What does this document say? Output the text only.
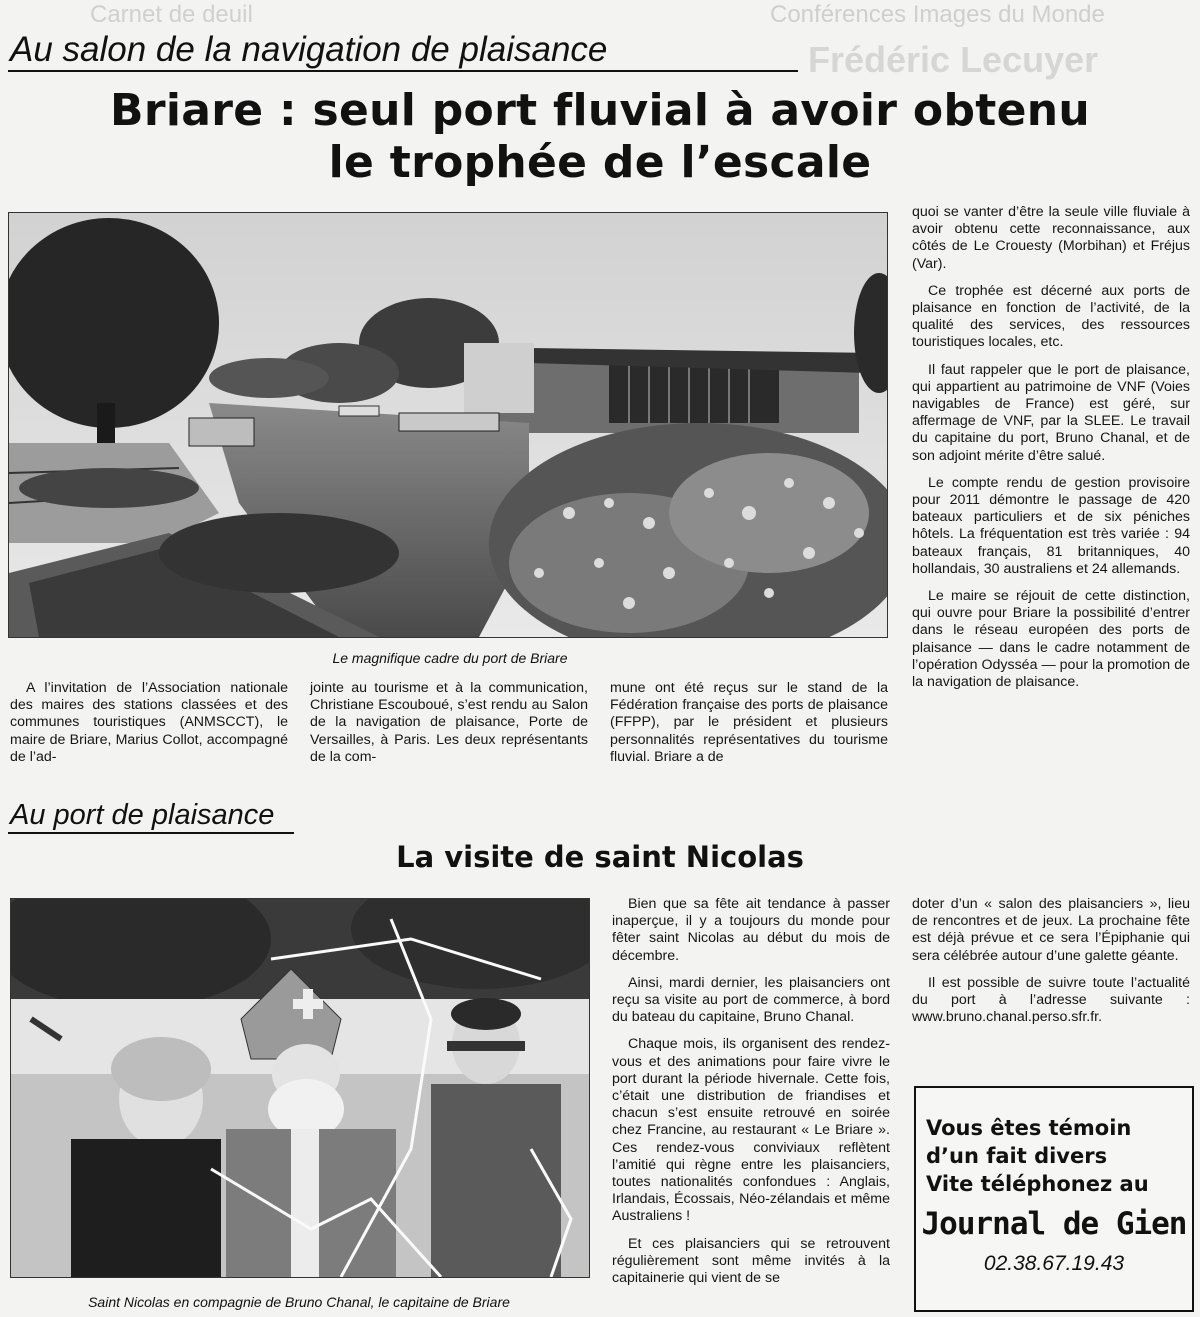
Carnet de deuil	Conférences Images du Monde
Frédéric Lecuyer
Au salon de la navigation de plaisance
Briare : seul port fluvial à avoir obtenu
le trophée de l’escale
Le magnifique cadre du port de Briare

A l’invitation de l’Association nationale des maires des stations classées et des communes touristiques (ANMSCCT), le maire de Briare, Marius Collot, accompagné de l’ad-

jointe au tourisme et à la communication, Christiane Escouboué, s’est rendu au Salon de la navigation de plaisance, Porte de Versailles, à Paris. Les deux représentants de la com-

mune ont été reçus sur le stand de la Fédération française des ports de plaisance (FFPP), par le président et plusieurs personnalités représentatives du tourisme fluvial. Briare a de

quoi se vanter d’être la seule ville fluviale à avoir obtenu cette reconnaissance, aux côtés de Le Crouesty (Morbihan) et Fréjus (Var).

Ce trophée est décerné aux ports de plaisance en fonction de l’activité, de la qualité des services, des ressources touristiques locales, etc.

Il faut rappeler que le port de plaisance, qui appartient au patrimoine de VNF (Voies navigables de France) est géré, sur affermage de VNF, par la SLEE. Le travail du capitaine du port, Bruno Chanal, et de son adjoint mérite d’être salué.

Le compte rendu de gestion provisoire pour 2011 démontre le passage de 420 bateaux particuliers et de six péniches hôtels. La fréquentation est très variée : 94 bateaux français, 81 britanniques, 40 hollandais, 30 australiens et 24 allemands.

Le maire se réjouit de cette distinction, qui ouvre pour Briare la possibilité d’entrer dans le réseau européen des ports de plaisance — dans le cadre notamment de l’opération Odysséa — pour la promotion de la navigation de plaisance.

Au port de plaisance
La visite de saint Nicolas
Saint Nicolas en compagnie de Bruno Chanal, le capitaine de Briare

Bien que sa fête ait tendance à passer inaperçue, il y a toujours du monde pour fêter saint Nicolas au début du mois de décembre.

Ainsi, mardi dernier, les plaisanciers ont reçu sa visite au port de commerce, à bord du bateau du capitaine, Bruno Chanal.

Chaque mois, ils organisent des rendez-vous et des animations pour faire vivre le port durant la période hivernale. Cette fois, c’était une distribution de friandises et chacun s’est ensuite retrouvé en soirée chez Francine, au restaurant « Le Briare ». Ces rendez-vous conviviaux reflètent l’amitié qui règne entre les plaisanciers, toutes nationalités confondues : Anglais, Irlandais, Écossais, Néo-zélandais et même Australiens !

Et ces plaisanciers qui se retrouvent régulièrement sont même invités à la capitainerie qui vient de se

doter d’un « salon des plaisanciers », lieu de rencontres et de jeux. La prochaine fête est déjà prévue et ce sera l’Épiphanie qui sera célébrée autour d’une galette géante.

Il est possible de suivre toute l’actualité du port à l’adresse suivante : www.bruno.chanal.perso.sfr.fr.

Vous êtes témoin
d’un fait divers
Vite téléphonez au
Journal de Gien
02.38.67.19.43
